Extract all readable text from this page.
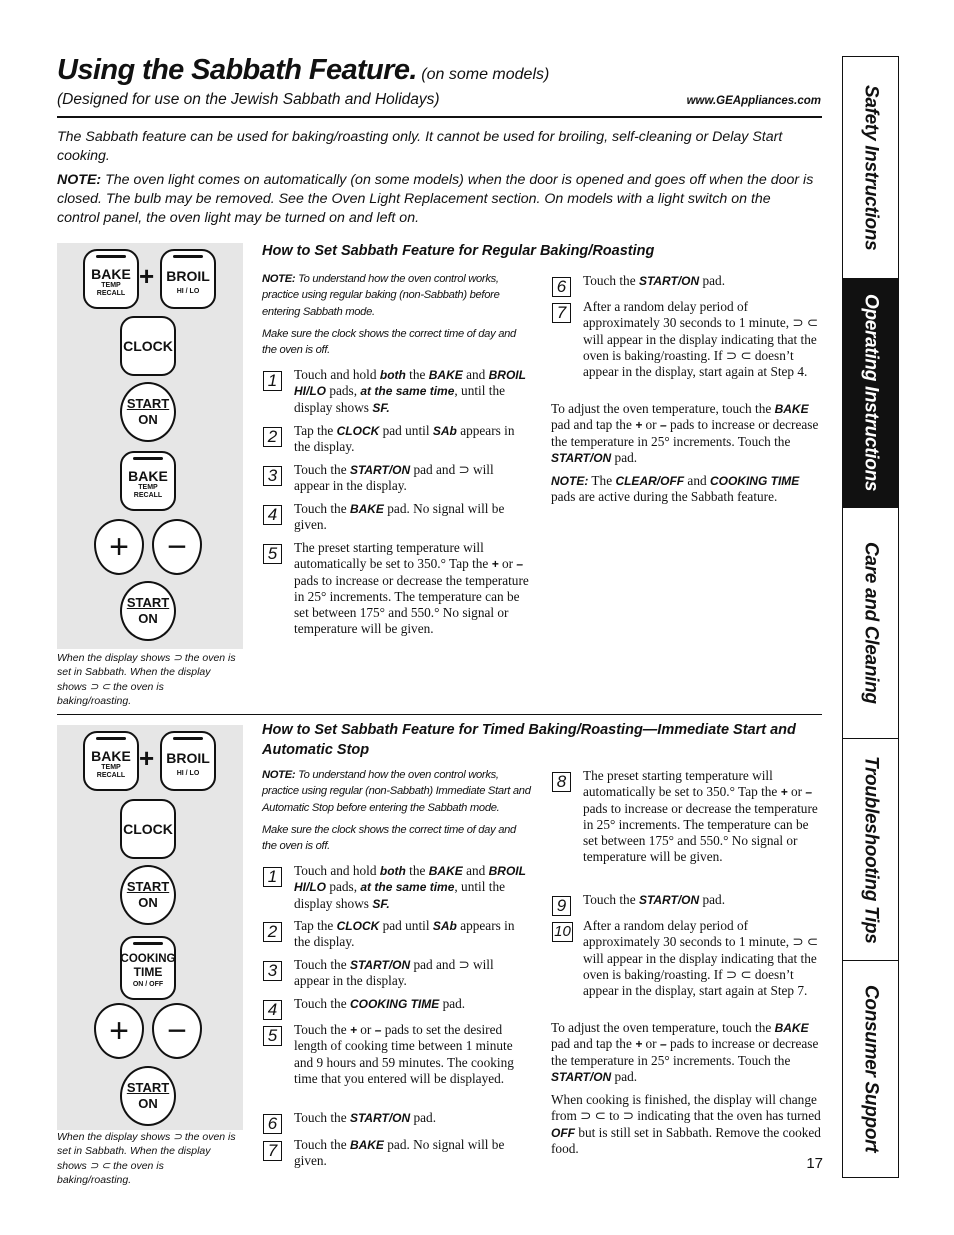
Using the Sabbath Feature. (on some models)
(Designed for use on the Jewish Sabbath and Holidays)	www.GEAppliances.com
The Sabbath feature can be used for baking/roasting only. It cannot be used for broiling, self-cleaning or Delay Start cooking.
NOTE: The oven light comes on automatically (on some models) when the door is opened and goes off when the door is closed. The bulb may be removed. See the Oven Light Replacement section. On models with a light switch on the control panel, the oven light may be turned on and left on.	Safety Instructions
Operating Instructions
Care and Cleaning
Troubleshooting Tips
Consumer Support
BAKE
TEMP
RECALL
+ BROIL
HI / LO
CLOCK
START
ON
BAKE
TEMP
RECALL
+	−
START
ON
When the display shows ⊃ the oven is set in Sabbath. When the display shows ⊃ ⊂ the oven is baking/roasting.
How to Set Sabbath Feature for Regular Baking/Roasting
NOTE: To understand how the oven control works, practice using regular baking (non-Sabbath) before entering Sabbath mode.
Make sure the clock shows the correct time of day and the oven is off.
1	Touch and hold both the BAKE and BROIL HI/LO pads, at the same time, until the display shows SF.
2	Tap the CLOCK pad until SAb appears in the display.
3	Touch the START/ON pad and ⊃ will appear in the display.
4	Touch the BAKE pad. No signal will be given.
5	The preset starting temperature will automatically be set to 350.° Tap the + or – pads to increase or decrease the temperature in 25° increments. The temperature can be set between 175° and 550.° No signal or temperature will be given.
6	Touch the START/ON pad.
7	After a random delay period of approximately 30 seconds to 1 minute, ⊃ ⊂ will appear in the display indicating that the oven is baking/roasting. If ⊃ ⊂ doesn’t appear in the display, start again at Step 4.
To adjust the oven temperature, touch the BAKE pad and tap the + or – pads to increase or decrease the temperature in 25° increments. Touch the START/ON pad.
NOTE: The CLEAR/OFF and COOKING TIME pads are active during the Sabbath feature.
BAKE
TEMP
RECALL
+ BROIL
HI / LO
CLOCK
START
ON
COOKING
TIME
ON / OFF
+	−
START
ON
When the display shows ⊃ the oven is set in Sabbath. When the display shows ⊃ ⊂ the oven is baking/roasting.
How to Set Sabbath Feature for Timed Baking/Roasting—Immediate Start and Automatic Stop
NOTE: To understand how the oven control works, practice using regular (non-Sabbath) Immediate Start and Automatic Stop before entering the Sabbath mode.
Make sure the clock shows the correct time of day and the oven is off.
1	Touch and hold both the BAKE and BROIL HI/LO pads, at the same time, until the display shows SF.
2	Tap the CLOCK pad until SAb appears in the display.
3	Touch the START/ON pad and ⊃ will appear in the display.
4	Touch the COOKING TIME pad.
5	Touch the + or – pads to set the desired length of cooking time between 1 minute and 9 hours and 59 minutes. The cooking time that you entered will be displayed.
6	Touch the START/ON pad.
7	Touch the BAKE pad. No signal will be given.
8	The preset starting temperature will automatically be set to 350.° Tap the + or – pads to increase or decrease the temperature in 25° increments. The temperature can be set between 175° and 550.° No signal or temperature will be given.
9	Touch the START/ON pad.
10 After a random delay period of approximately 30 seconds to 1 minute, ⊃ ⊂ will appear in the display indicating that the oven is baking/roasting. If ⊃ ⊂ doesn’t appear in the display, start again at Step 7.
To adjust the oven temperature, touch the BAKE pad and tap the + or – pads to increase or decrease the temperature in 25° increments. Touch the START/ON pad.
When cooking is finished, the display will change from ⊃ ⊂ to ⊃ indicating that the oven has turned OFF but is still set in Sabbath. Remove the cooked food.
17
